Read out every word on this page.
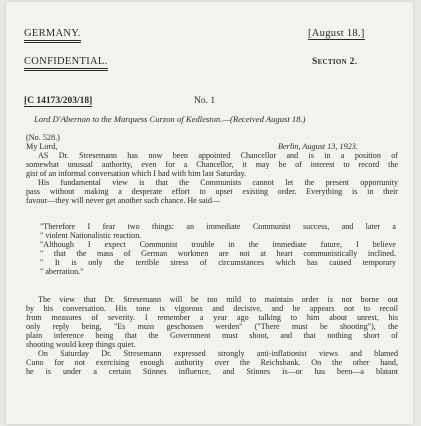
GERMANY.	[August 18.]
CONFIDENTIAL.	Section 2.
[C 14173/203/18]	No. 1
Lord D'Abernon to the Marquess Curzon of Kedleston.—(Received August 18.)
(No. 528.)
My Lord,	Berlin, August 13, 1923.
AS Dr. Stresemann has now been appointed Chancellor and is in a position of
somewhat unusual authority, even for a Chancellor, it may be of interest to record the
gist of an informal conversation which I had with him last Saturday.
His fundamental view is that the Communists cannot let the present opportunity
pass without making a desperate effort to upset existing order. Everything is in their
favour—they will never get another such chance. He said—
"Therefore I fear two things: an immediate Communist success, and later a
" violent Nationalistic reaction.
"Although I expect Communist trouble in the immediate future, I believe
" that the mass of German workmen are not at heart communistically inclined.
" It is only the terrible stress of circumstances which has caused temporary
" aberration."
The view that Dr. Stresemann will be too mild to maintain order is not borne out
by his conversation. His tone is vigorous and decisive, and he appears not to recoil
from measures of severity. I remember a year ago talking to him about unrest, his
only reply being, "Es muss geschossen werden" ("There must be shooting"), the
plain inference being that the Government must shoot, and that nothing short of
shooting would keep things quiet.
On Saturday Dr. Stresemann expressed strongly anti-inflationist views and blamed
Cuno for not exercising enough authority over the Reichsbank. On the other hand,
he is under a certain Stinnes influence, and Stinnes is—or has been—a blatant
